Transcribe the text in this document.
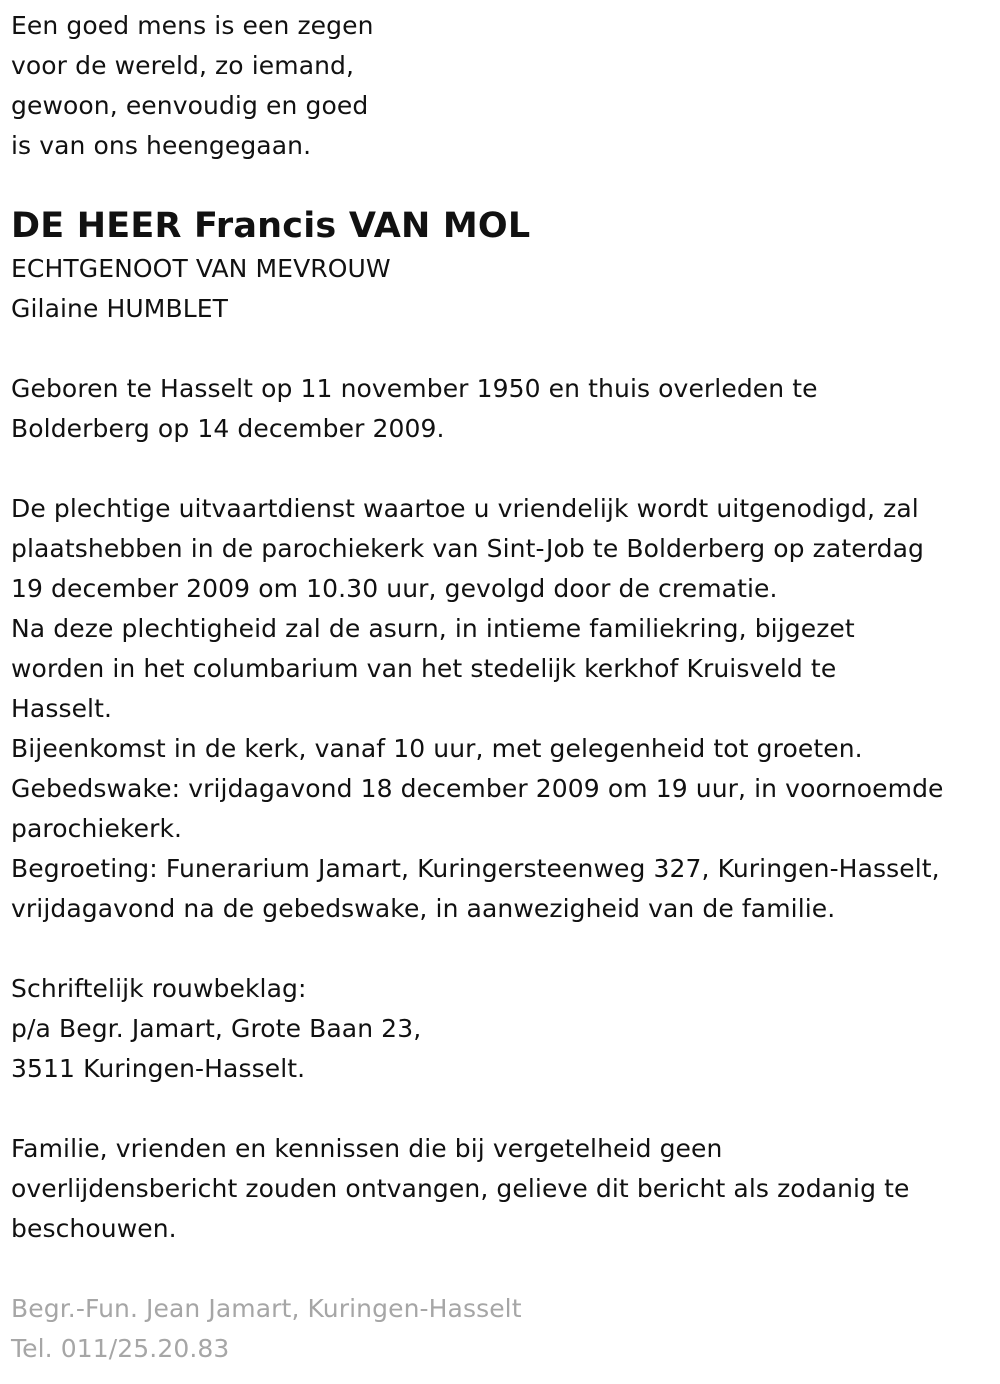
Een goed mens is een zegen
voor de wereld, zo iemand,
gewoon, eenvoudig en goed
is van ons heengegaan.
DE HEER Francis VAN MOL
ECHTGENOOT VAN MEVROUW
Gilaine HUMBLET
Geboren te Hasselt op 11 november 1950 en thuis overleden te
Bolderberg op 14 december 2009.
De plechtige uitvaartdienst waartoe u vriendelijk wordt uitgenodigd, zal
plaatshebben in de parochiekerk van Sint-Job te Bolderberg op zaterdag
19 december 2009 om 10.30 uur, gevolgd door de crematie.
Na deze plechtigheid zal de asurn, in intieme familiekring, bijgezet
worden in het columbarium van het stedelijk kerkhof Kruisveld te
Hasselt.
Bijeenkomst in de kerk, vanaf 10 uur, met gelegenheid tot groeten.
Gebedswake: vrijdagavond 18 december 2009 om 19 uur, in voornoemde
parochiekerk.
Begroeting: Funerarium Jamart, Kuringersteenweg 327, Kuringen-Hasselt,
vrijdagavond na de gebedswake, in aanwezigheid van de familie.
Schriftelijk rouwbeklag:
p/a Begr. Jamart, Grote Baan 23,
3511 Kuringen-Hasselt.
Familie, vrienden en kennissen die bij vergetelheid geen
overlijdensbericht zouden ontvangen, gelieve dit bericht als zodanig te
beschouwen.
Begr.-Fun. Jean Jamart, Kuringen-Hasselt
Tel. 011/25.20.83
